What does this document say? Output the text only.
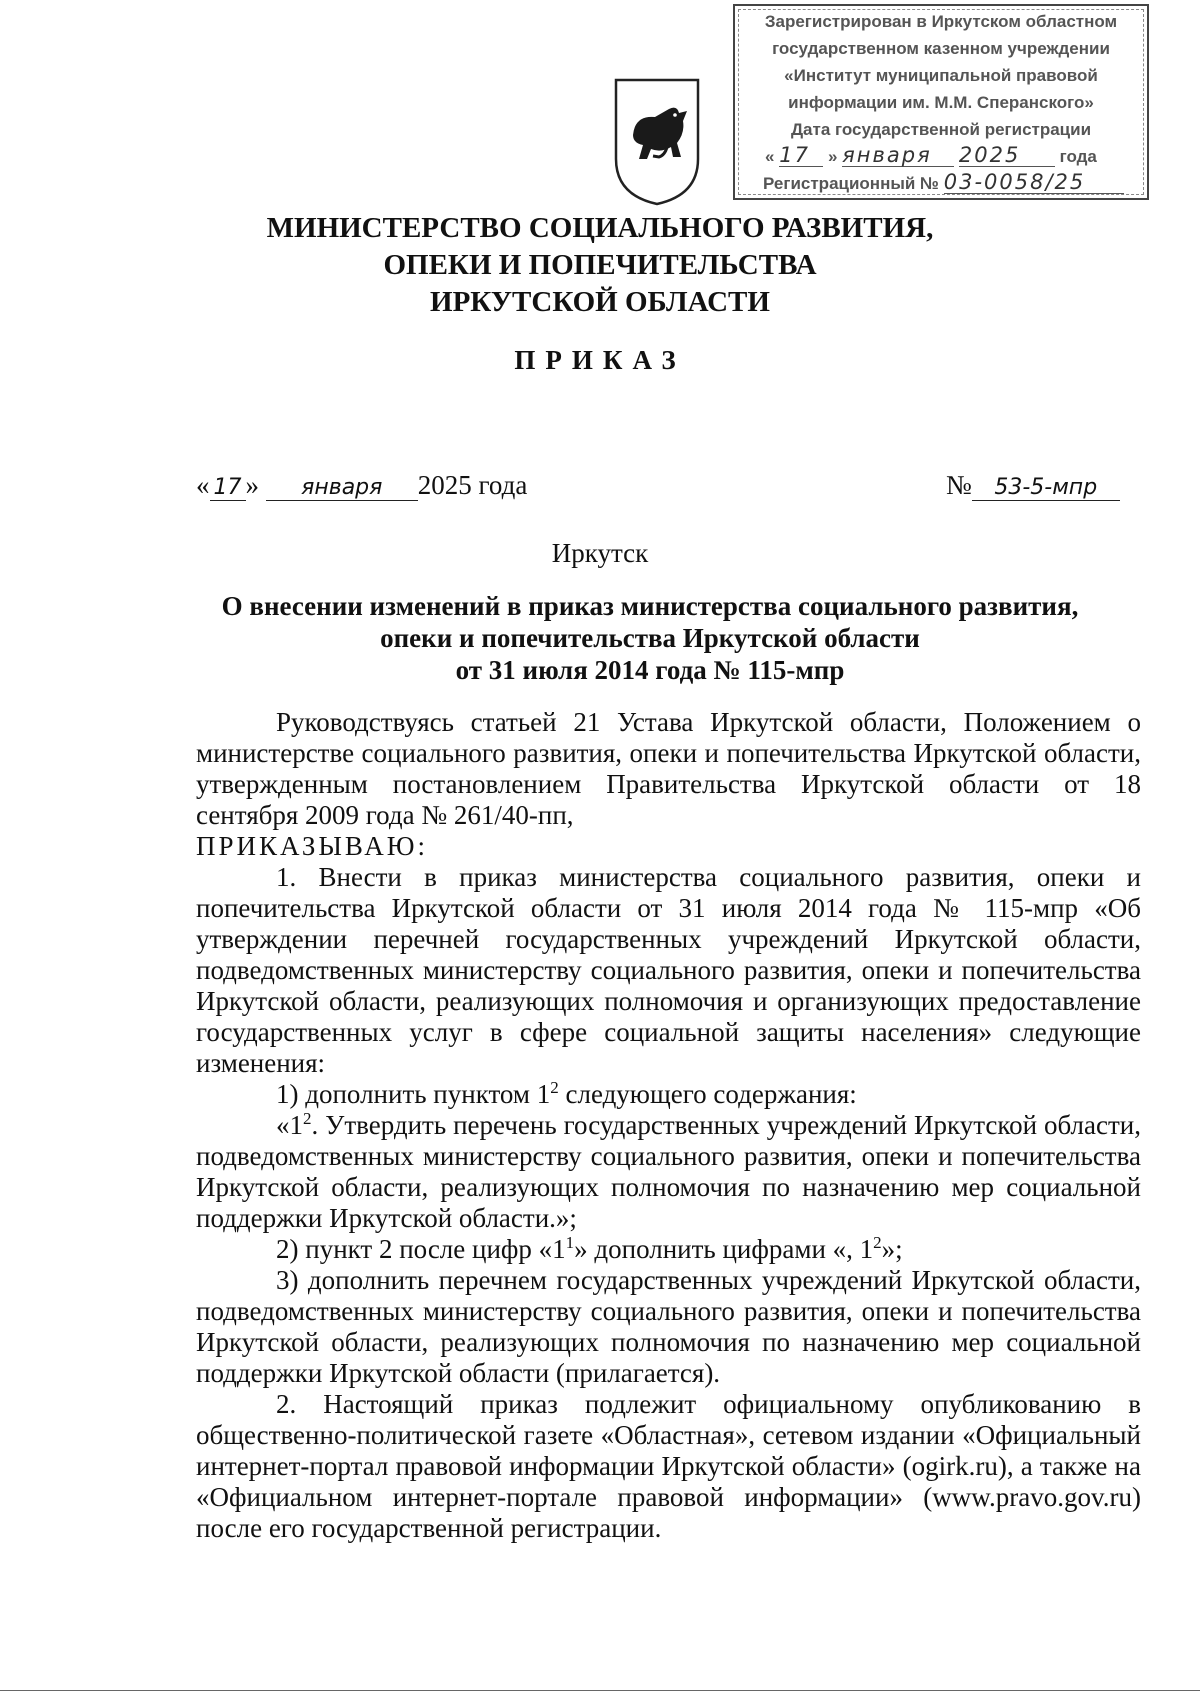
Зарегистрирован в Иркутском областном
государственном казенном учреждении
«Институт муниципальной правовой
информации им. М.М. Сперанского»
Дата государственной регистрации
« 17 » января 2025 года
Регистрационный № 03-0058/25
МИНИСТЕРСТВО СОЦИАЛЬНОГО РАЗВИТИЯ,
ОПЕКИ И ПОПЕЧИТЕЛЬСТВА
ИРКУТСКОЙ ОБЛАСТИ
ПРИКАЗ
« 17 » января 2025 года	№ 53-5-мпр
Иркутск
О внесении изменений в приказ министерства социального развития,
опеки и попечительства Иркутской области
от 31 июля 2014 года № 115-мпр

Руководствуясь статьей 21 Устава Иркутской области, Положением о министерстве социального развития, опеки и попечительства Иркутской области, утвержденным постановлением Правительства Иркутской области от 18 сентября 2009 года № 261/40-пп,

ПРИКАЗЫВАЮ:

1. Внести в приказ министерства социального развития, опеки и попечительства Иркутской области от 31 июля 2014 года № 115-мпр «Об утверждении перечней государственных учреждений Иркутской области, подведомственных министерству социального развития, опеки и попечительства Иркутской области, реализующих полномочия и организующих предоставление государственных услуг в сфере социальной защиты населения» следующие изменения:

1) дополнить пунктом $1^2$ следующего содержания:

«$1^2$. Утвердить перечень государственных учреждений Иркутской области, подведомственных министерству социального развития, опеки и попечительства Иркутской области, реализующих полномочия по назначению мер социальной поддержки Иркутской области.»;

2) пункт 2 после цифр «$1^1$» дополнить цифрами «, $1^2$»;

3) дополнить перечнем государственных учреждений Иркутской области, подведомственных министерству социального развития, опеки и попечительства Иркутской области, реализующих полномочия по назначению мер социальной поддержки Иркутской области (прилагается).

2. Настоящий приказ подлежит официальному опубликованию в общественно-политической газете «Областная», сетевом издании «Официальный интернет-портал правовой информации Иркутской области» (ogirk.ru), а также на «Официальном интернет-портале правовой информации» (www.pravo.gov.ru) после его государственной регистрации.
